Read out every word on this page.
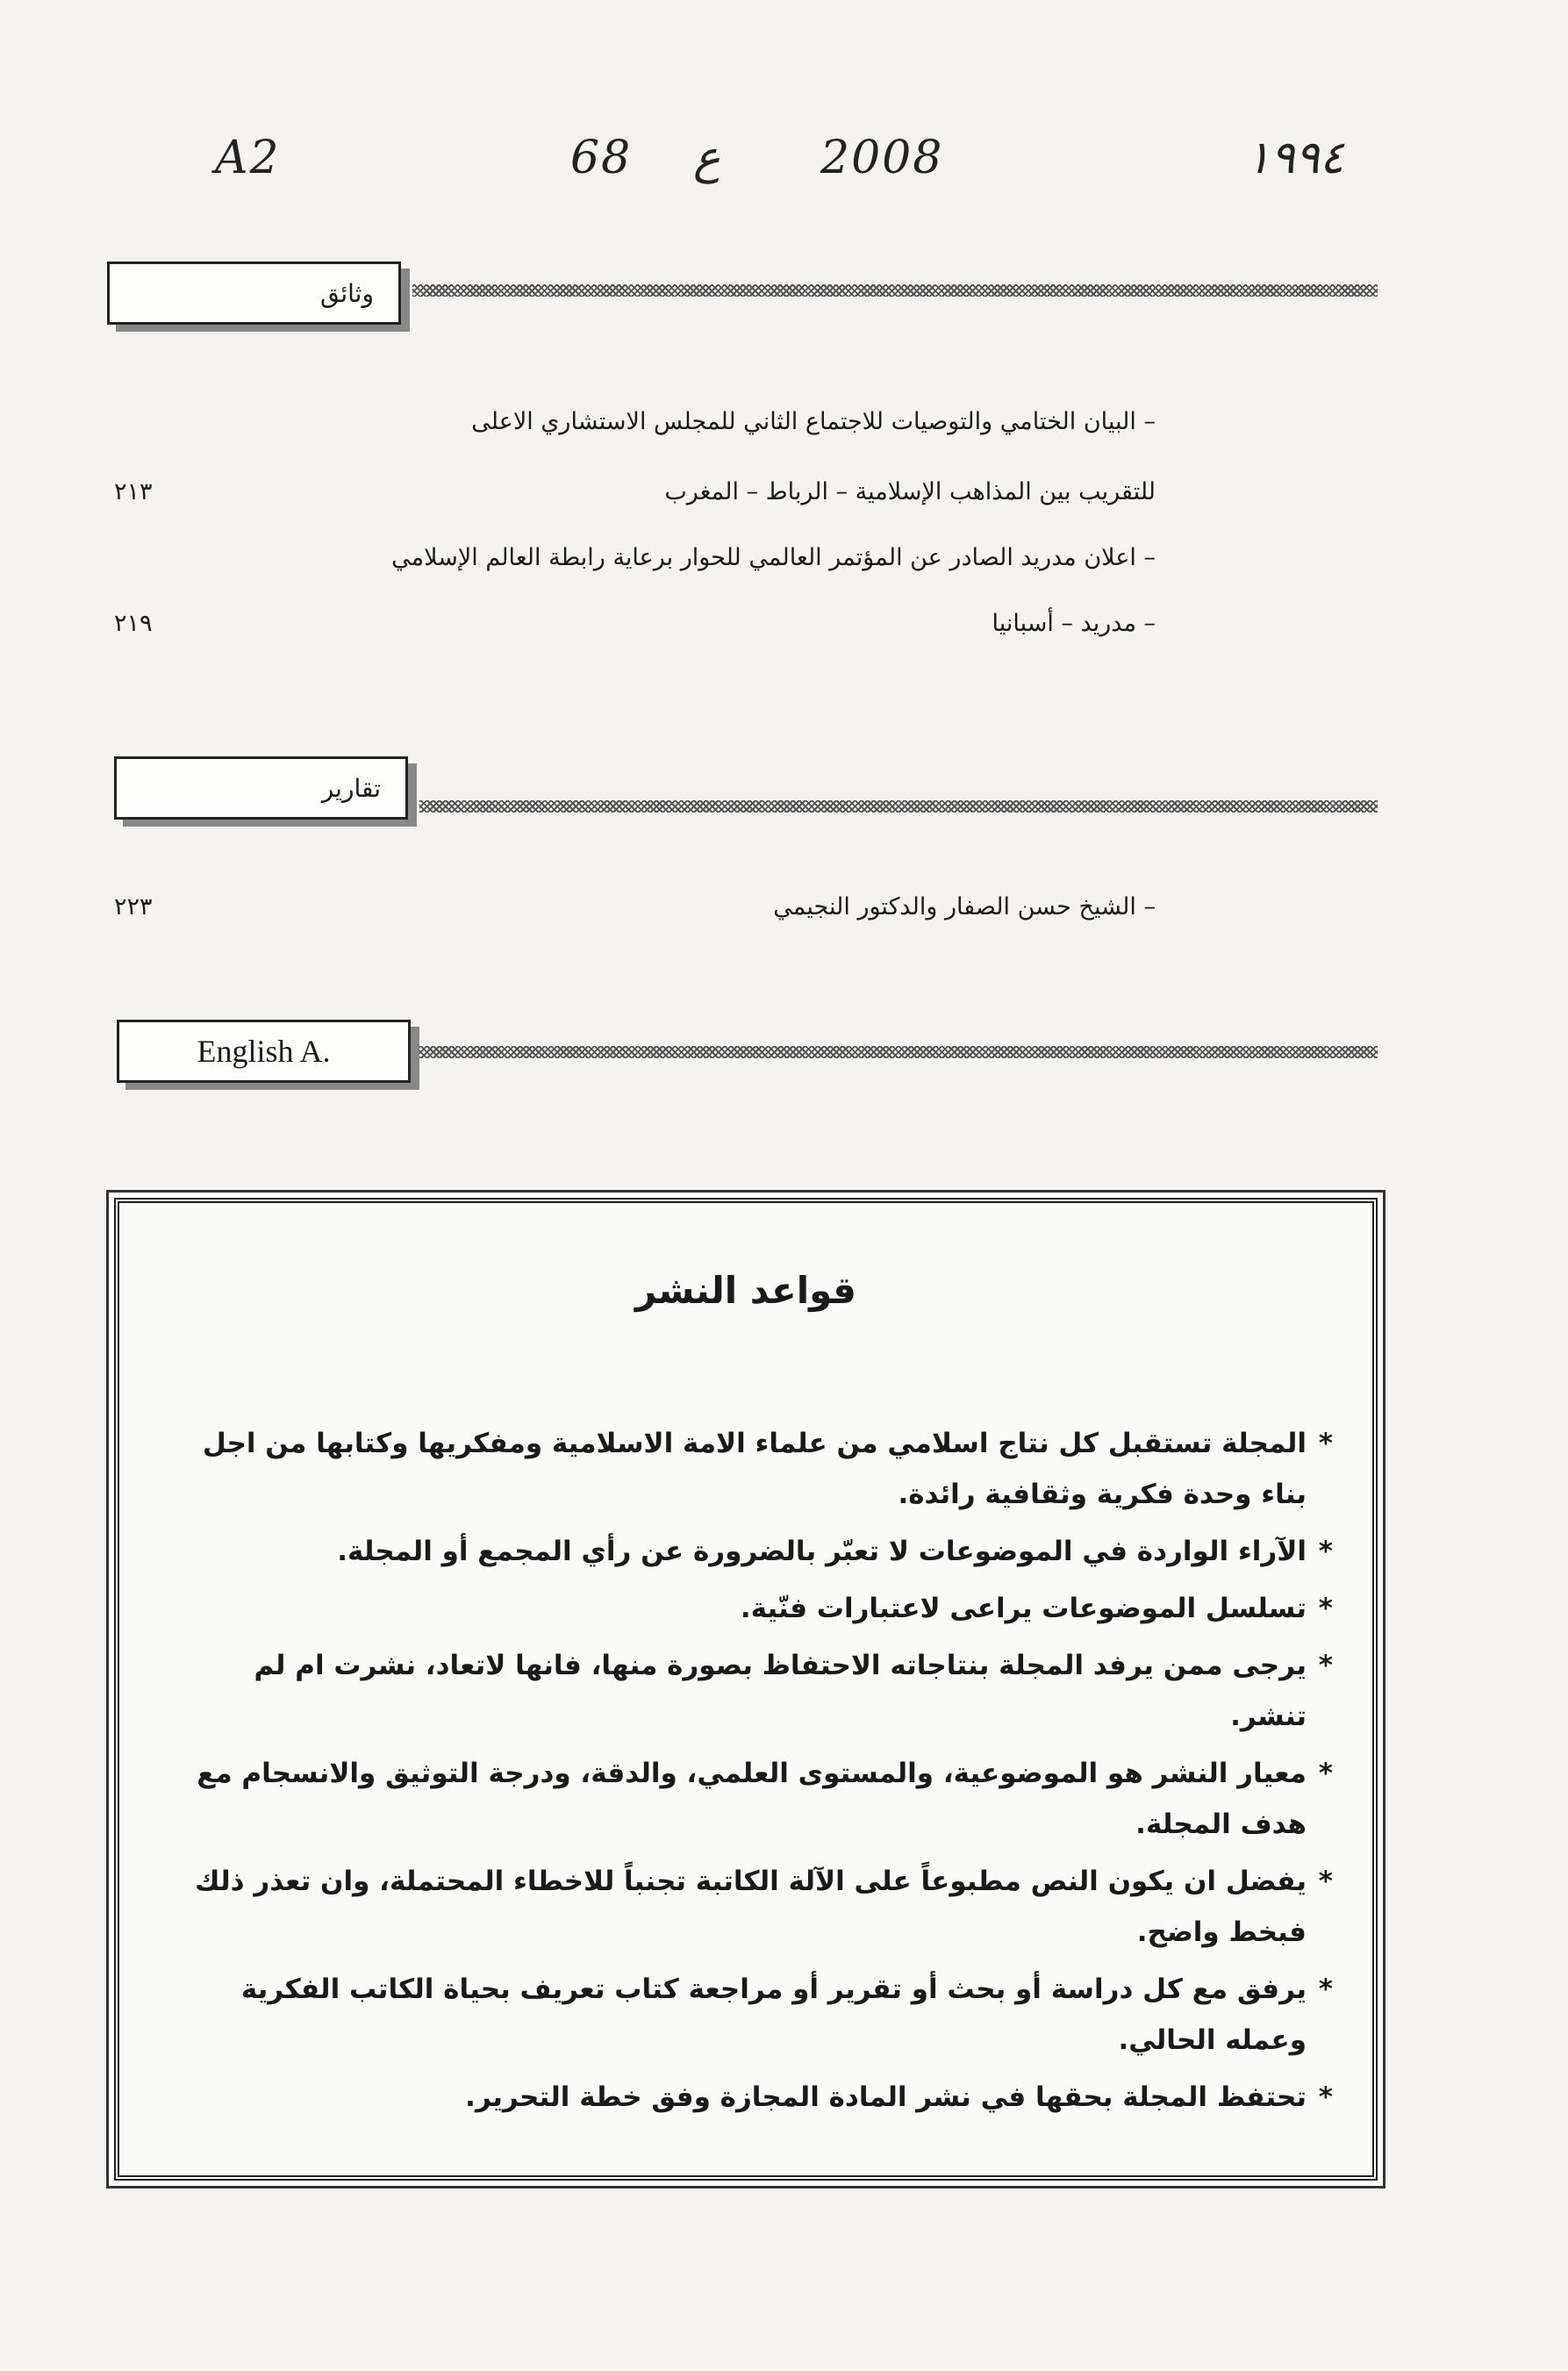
A2	68 ع 2008	١٩٩٤
وثائق
– البيان الختامي والتوصيات للاجتماع الثاني للمجلس الاستشاري الاعلى
للتقريب بين المذاهب الإسلامية – الرباط – المغرب
٢١٣
– اعلان مدريد الصادر عن المؤتمر العالمي للحوار برعاية رابطة العالم الإسلامي
– مدريد – أسبانيا
٢١٩
تقارير
– الشيخ حسن الصفار والدكتور النجيمي
٢٢٣
English A.
قواعد النشر
* المجلة تستقبل كل نتاج اسلامي من علماء الامة الاسلامية ومفكريها وكتابها من اجل بناء وحدة فكرية وثقافية رائدة.
* الآراء الواردة في الموضوعات لا تعبّر بالضرورة عن رأي المجمع أو المجلة.
* تسلسل الموضوعات يراعى لاعتبارات فنّية.
* يرجى ممن يرفد المجلة بنتاجاته الاحتفاظ بصورة منها، فانها لاتعاد، نشرت ام لم تنشر.
* معيار النشر هو الموضوعية، والمستوى العلمي، والدقة، ودرجة التوثيق والانسجام مع هدف المجلة.
* يفضل ان يكون النص مطبوعاً على الآلة الكاتبة تجنباً للاخطاء المحتملة، وان تعذر ذلك فبخط واضح.
* يرفق مع كل دراسة أو بحث أو تقرير أو مراجعة كتاب تعريف بحياة الكاتب الفكرية وعمله الحالي.
* تحتفظ المجلة بحقها في نشر المادة المجازة وفق خطة التحرير.
